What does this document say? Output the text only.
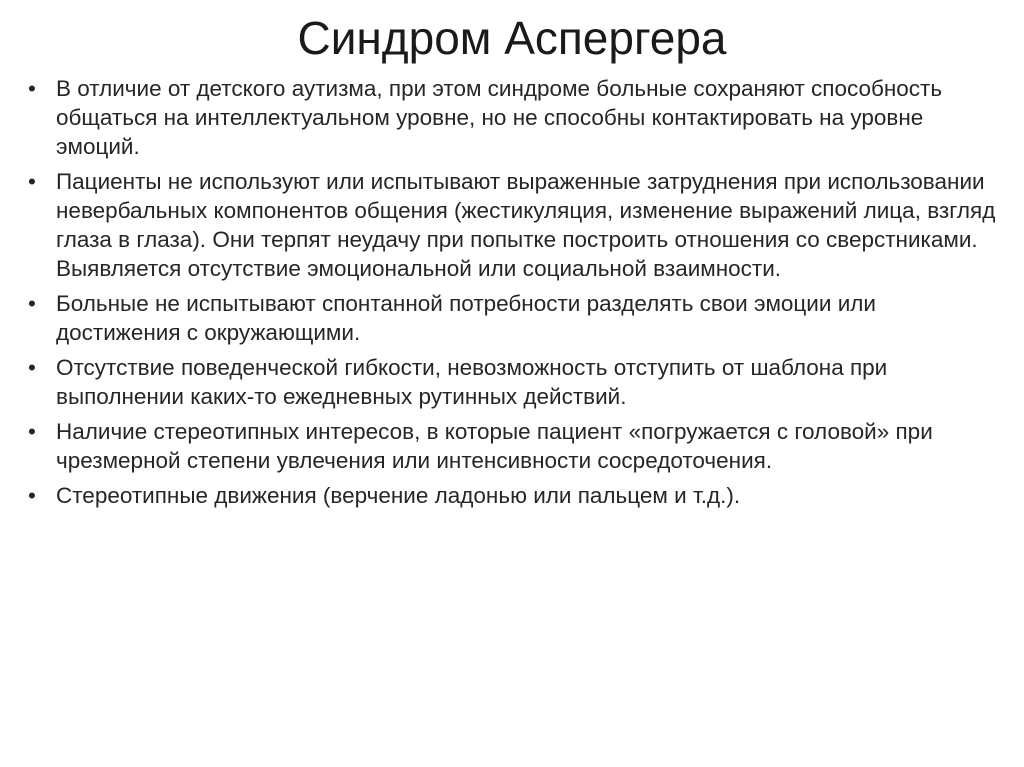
Синдром Аспергера
• В отличие от детского аутизма, при этом синдроме больные сохраняют способность общаться на интеллектуальном уровне, но не способны контактировать на уровне эмоций.
• Пациенты не используют или испытывают выраженные затруднения при использовании невербальных компонентов общения (жестикуляция, изменение выражений лица, взгляд глаза в глаза). Они терпят неудачу при попытке построить отношения со сверстниками. Выявляется отсутствие эмоциональной или социальной взаимности.
• Больные не испытывают спонтанной потребности разделять свои эмоции или достижения с окружающими.
• Отсутствие поведенческой гибкости, невозможность отступить от шаблона при выполнении каких-то ежедневных рутинных действий.
• Наличие стереотипных интересов, в которые пациент «погружается с головой» при чрезмерной степени увлечения или интенсивности сосредоточения.
• Стереотипные движения (верчение ладонью или пальцем и т.д.).
